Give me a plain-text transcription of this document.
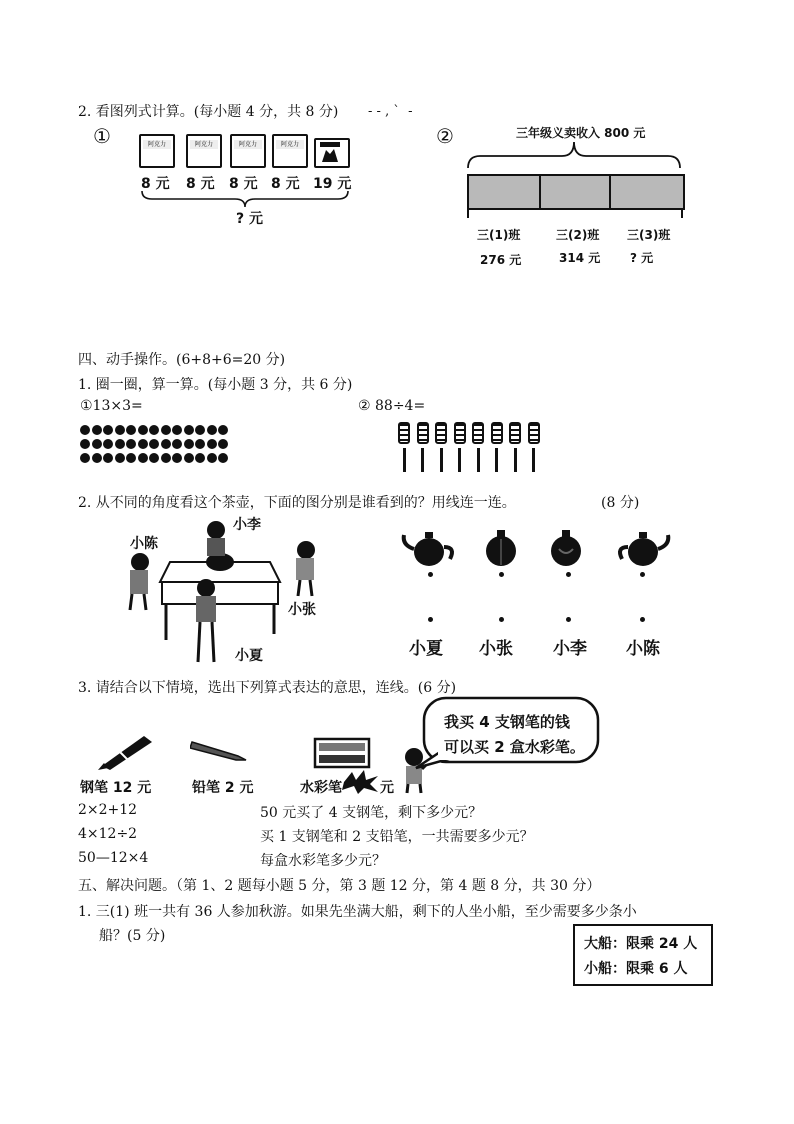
2. 看图列式计算。(每小题 4 分，共 8 分) - - ‚ `  -
①	阿克力	阿克力	阿克力	阿克力
8 元 8 元 8 元 8 元 19 元
? 元
②	三年级义卖收入 800 元
三(1)班	三(2)班 三(3)班
276 元	314 元 ? 元
四、动手操作。(6+8+6=20 分)
1. 圈一圈，算一算。(每小题 3 分，共 6 分)
①13×3=	② 88÷4=
2. 从不同的角度看这个茶壶，下面的图分别是谁看到的？用线连一连。	(8 分)
小李
小陈
小张
小夏	小夏 小张 小李 小陈
3. 请结合以下情境，选出下列算式表达的意思，连线。(6 分)
钢笔 12 元	铅笔 2 元	水彩笔	元
我买 4 支钢笔的钱
可以买 2 盒水彩笔。
2×2+12
4×12÷2
50—12×4
50 元买了 4 支钢笔，剩下多少元？
买 1 支钢笔和 2 支铅笔，一共需要多少元？
每盒水彩笔多少元？
五、解决问题。（第 1、2 题每小题 5 分，第 3 题 12 分，第 4 题 8 分，共 30 分）
1. 三(1) 班一共有 36 人参加秋游。如果先坐满大船，剩下的人坐小船，至少需要多少条小
船？(5 分)	大船：限乘 24 人
小船：限乘 6 人
